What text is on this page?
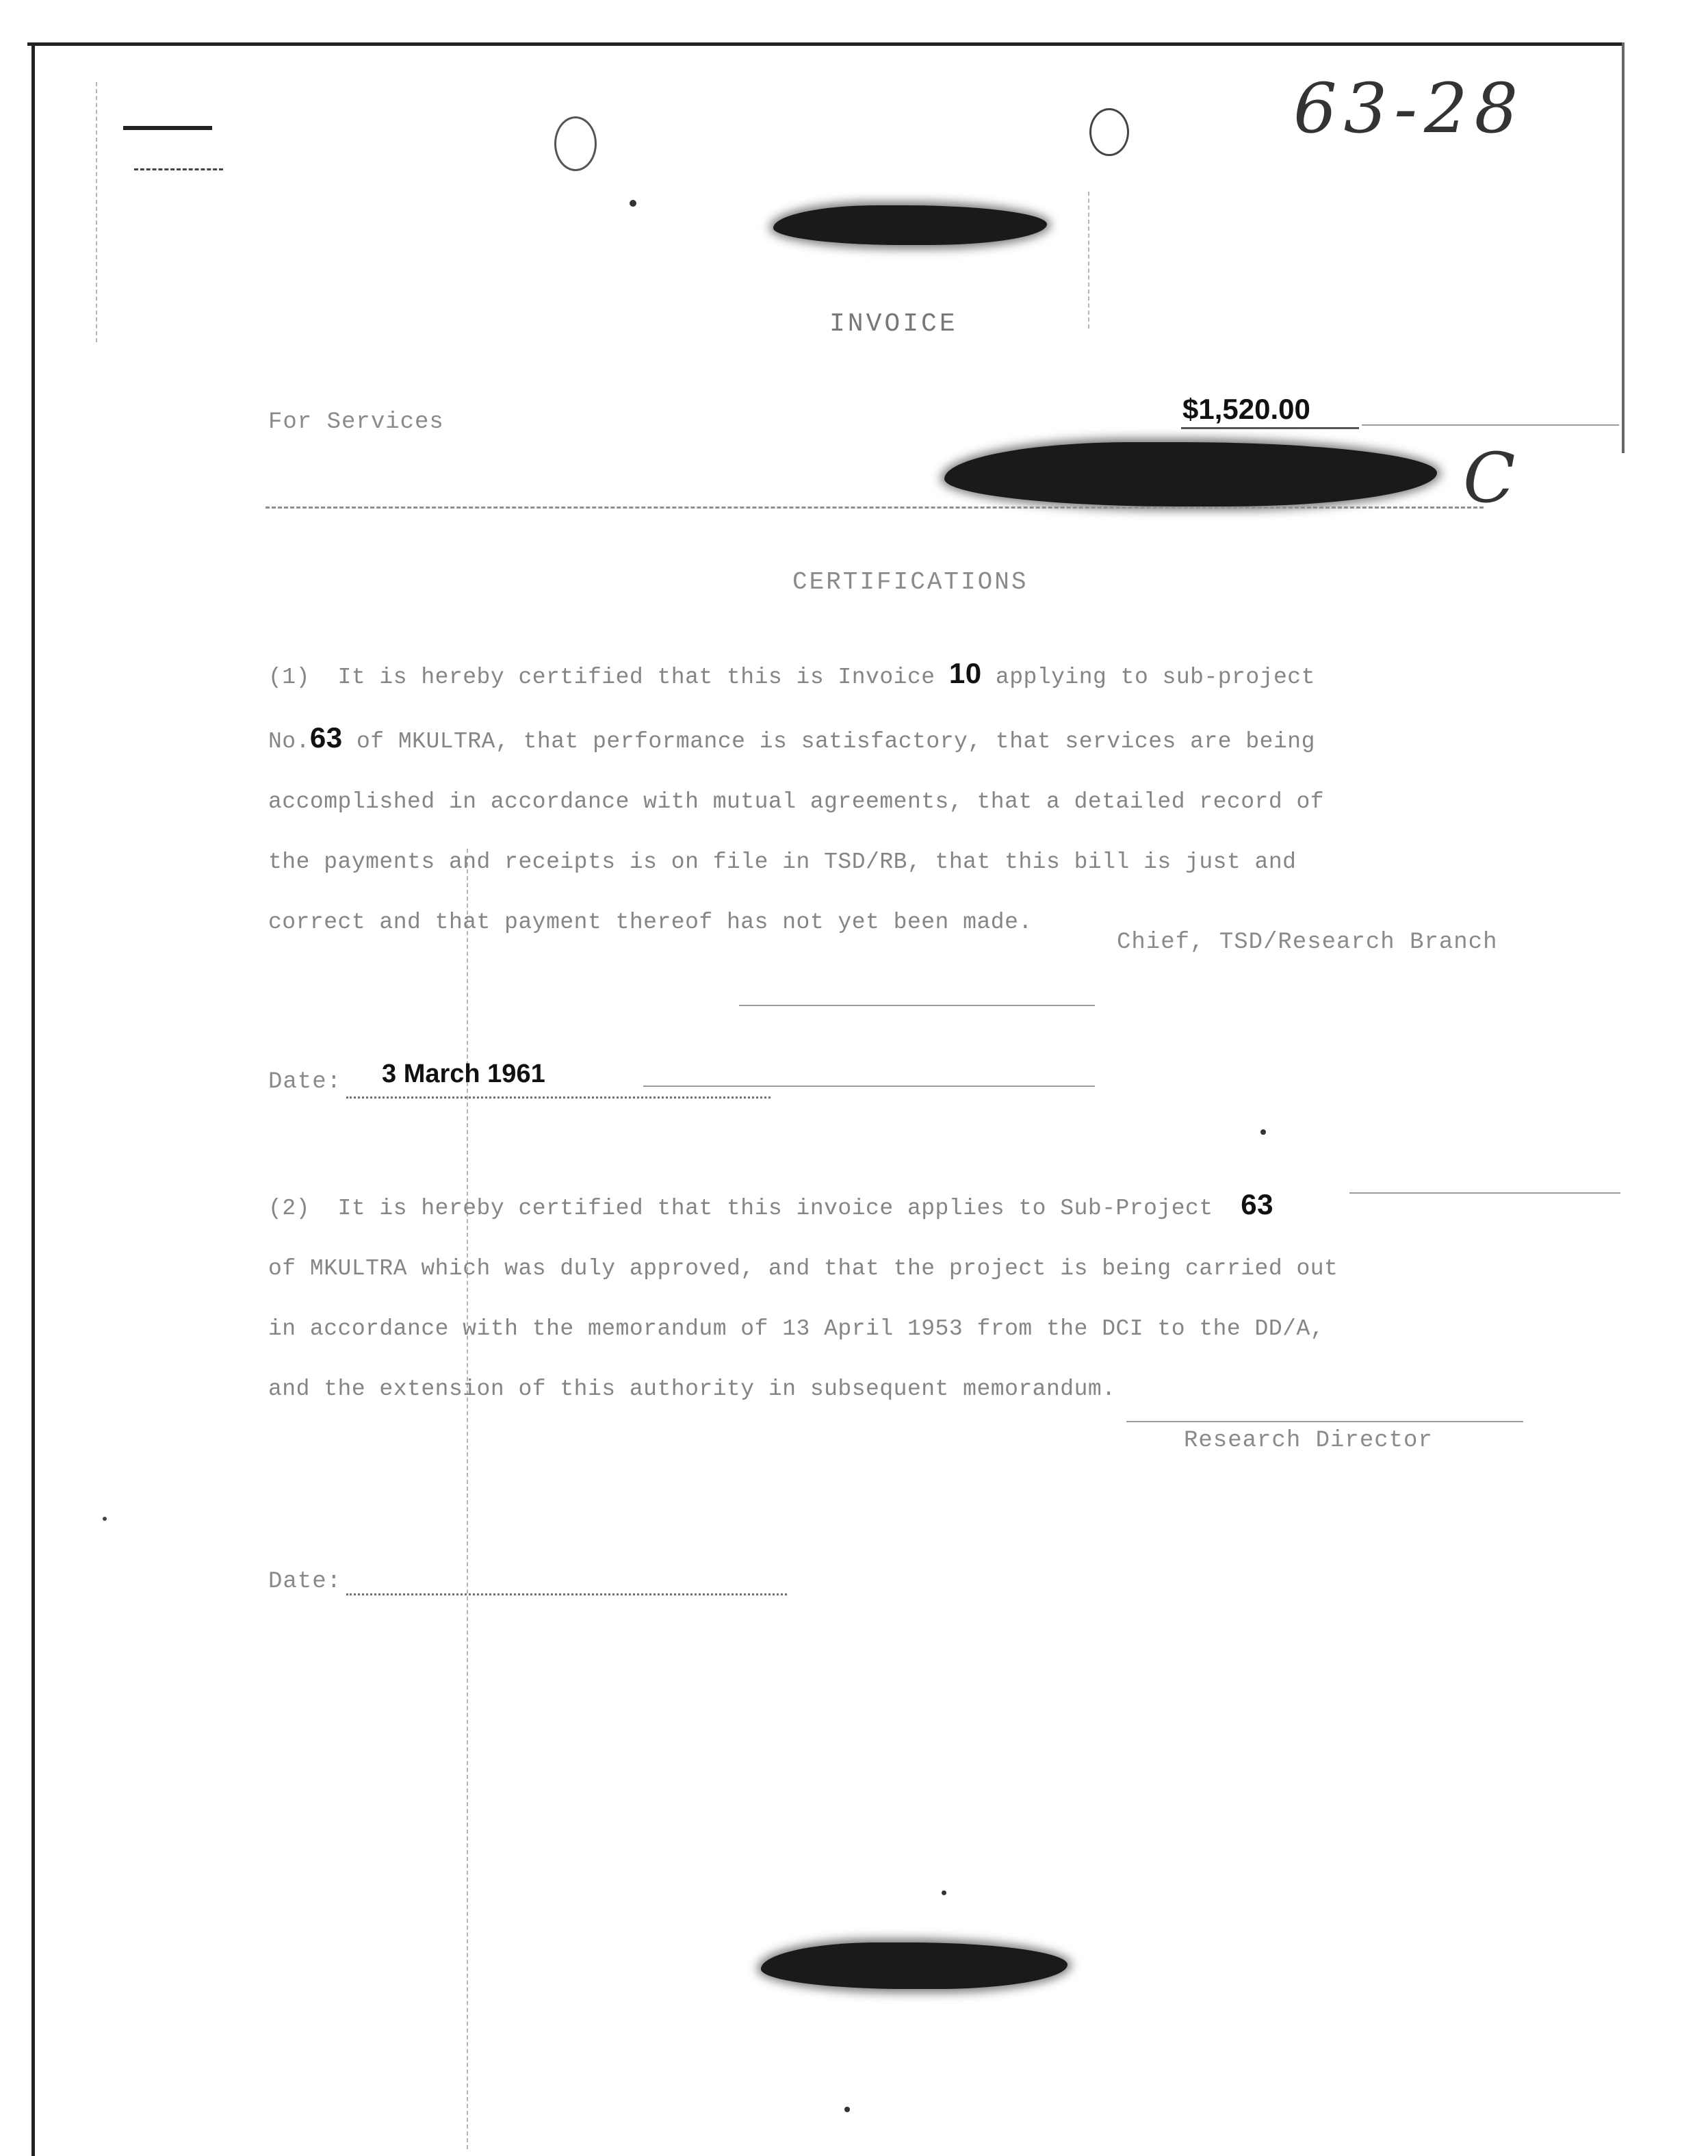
63-28
INVOICE
For Services	$1,520.00
C
CERTIFICATIONS

(1)  It is hereby certified that this is Invoice 10 applying to sub-project

No.63 of MKULTRA, that performance is satisfactory, that services are being

accomplished in accordance with mutual agreements, that a detailed record of

the payments and receipts is on file in TSD/RB, that this bill is just and

correct and that payment thereof has not yet been made.

Chief, TSD/Research Branch
Date: 3 March 1961

(2)  It is hereby certified that this invoice applies to Sub-Project 63

of MKULTRA which was duly approved, and that the project is being carried out

in accordance with the memorandum of 13 April 1953 from the DCI to the DD/A,

and the extension of this authority in subsequent memorandum.

Research Director
Date:
